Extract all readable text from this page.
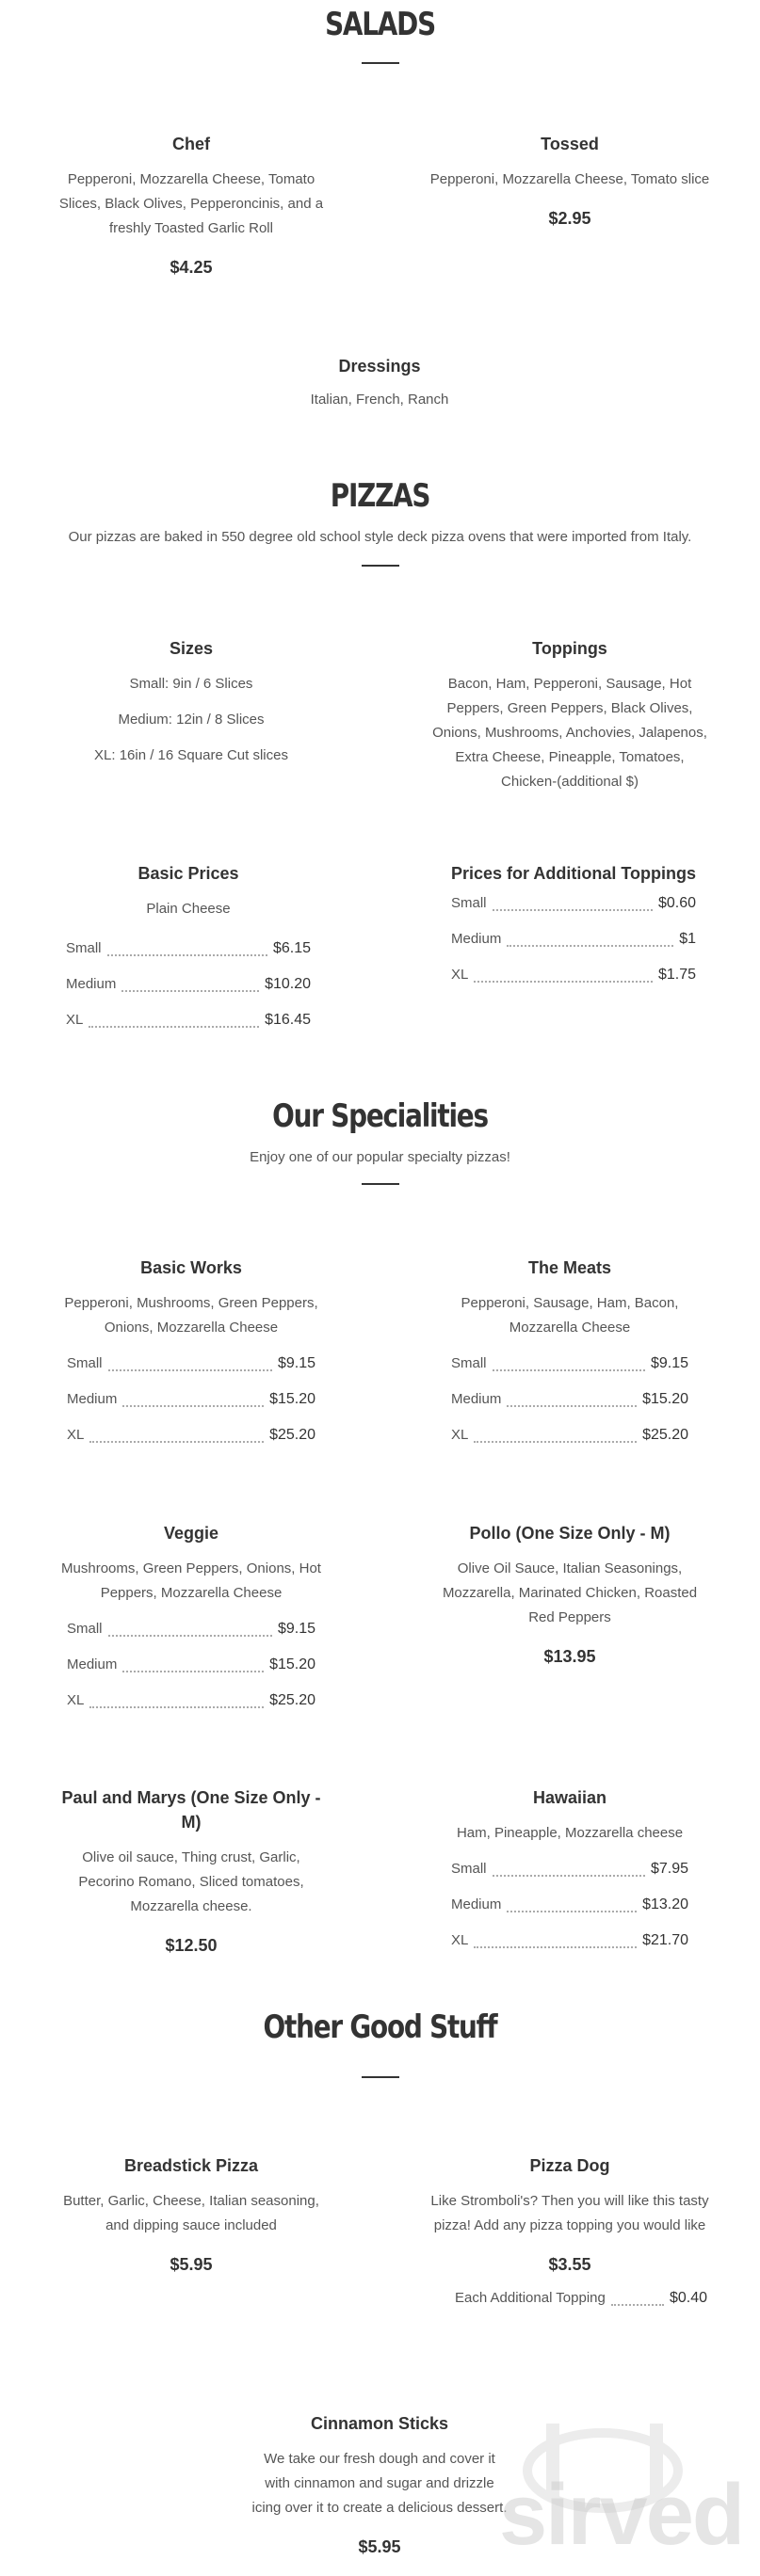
SALADS
Chef

Pepperoni, Mozzarella Cheese, Tomato Slices, Black Olives, Pepperoncinis, and a freshly Toasted Garlic Roll

$4.25
Tossed

Pepperoni, Mozzarella Cheese, Tomato slice

$2.95
Dressings

Italian, French, Ranch

PIZZAS
Our pizzas are baked in 550 degree old school style deck pizza ovens that were imported from Italy.
Sizes

Small: 9in / 6 Slices

Medium: 12in / 8 Slices

XL: 16in / 16 Square Cut slices

Toppings

Bacon, Ham, Pepperoni, Sausage, Hot Peppers, Green Peppers, Black Olives, Onions, Mushrooms, Anchovies, Jalapenos, Extra Cheese, Pineapple, Tomatoes, Chicken-(additional $)

Basic Prices

Plain Cheese

Small	$6.15
Medium	$10.20
XL	$16.45
Prices for Additional Toppings
Small	$0.60
Medium	$1
XL	$1.75
Our Specialities
Enjoy one of our popular specialty pizzas!
Basic Works

Pepperoni, Mushrooms, Green Peppers, Onions, Mozzarella Cheese

Small	$9.15
Medium	$15.20
XL	$25.20
The Meats

Pepperoni, Sausage, Ham, Bacon, Mozzarella Cheese

Small	$9.15
Medium	$15.20
XL	$25.20
Veggie

Mushrooms, Green Peppers, Onions, Hot Peppers, Mozzarella Cheese

Small	$9.15
Medium	$15.20
XL	$25.20
Pollo (One Size Only - M)

Olive Oil Sauce, Italian Seasonings, Mozzarella, Marinated Chicken, Roasted Red Peppers

$13.95
Paul and Marys (One Size Only - M)

Olive oil sauce, Thing crust, Garlic, Pecorino Romano, Sliced tomatoes, Mozzarella cheese.

$12.50
Hawaiian

Ham, Pineapple, Mozzarella cheese

Small	$7.95
Medium	$13.20
XL	$21.70
Other Good Stuff
Breadstick Pizza

Butter, Garlic, Cheese, Italian seasoning, and dipping sauce included

$5.95
Pizza Dog

Like Stromboli's? Then you will like this tasty pizza! Add any pizza topping you would like

$3.55
Each Additional Topping	$0.40
Cinnamon Sticks

We take our fresh dough and cover it with cinnamon and sugar and drizzle icing over it to create a delicious dessert.

$5.95	sirved
